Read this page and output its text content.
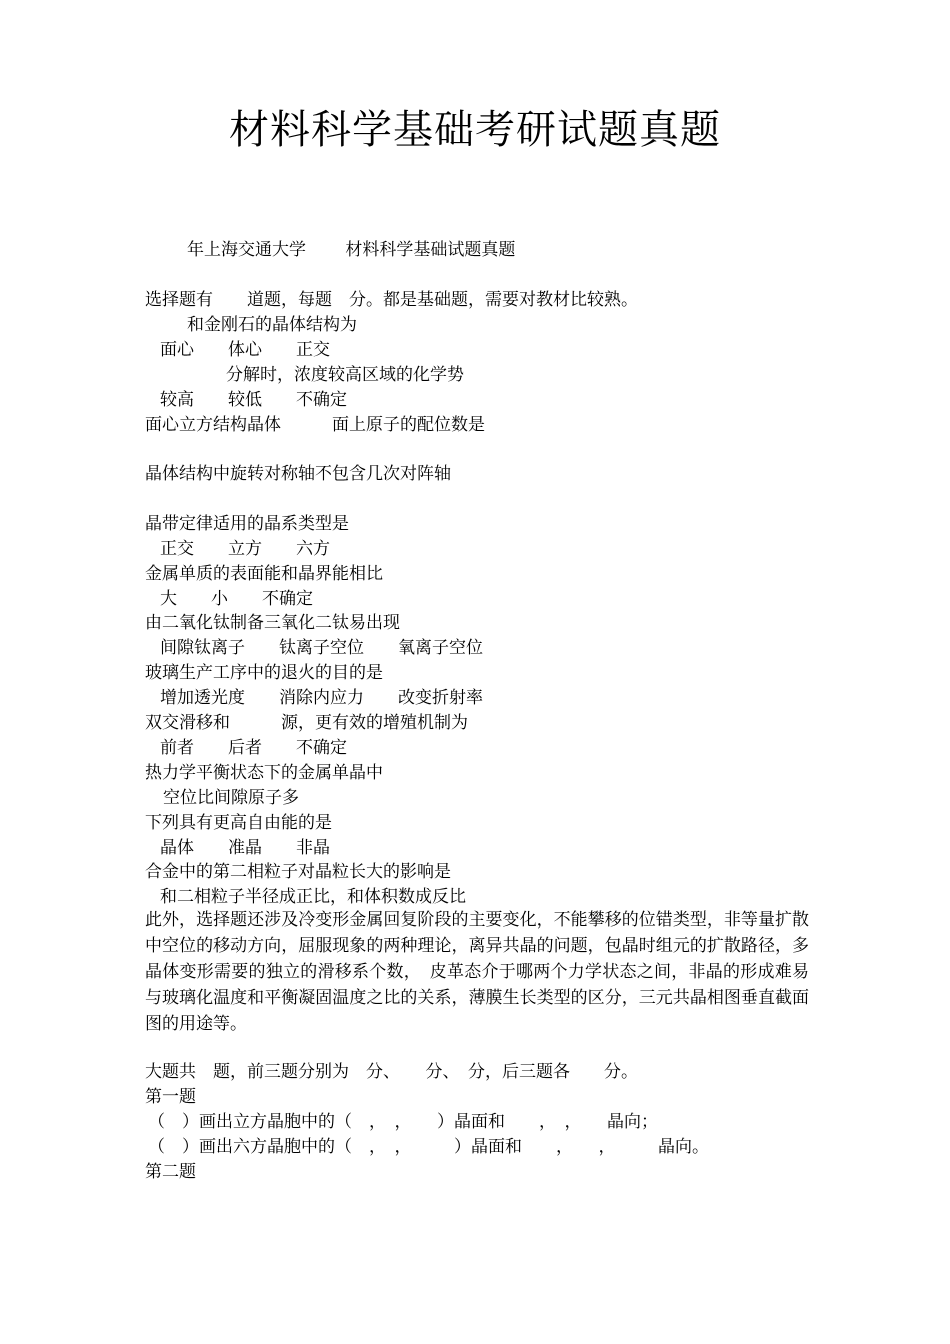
材料科学基础考研试题真题
年上海交通大学　　 材料科学基础试题真题
选择题有　　道题，每题　分。都是基础题，需要对教材比较熟。
和金刚石的晶体结构为
面心　　体心　　正交
分解时，浓度较高区域的化学势
较高　　较低　　不确定
面心立方结构晶体　　　面上原子的配位数是
晶体结构中旋转对称轴不包含几次对阵轴
晶带定律适用的晶系类型是
正交　　立方　　六方
金属单质的表面能和晶界能相比
大　　小　　不确定
由二氧化钛制备三氧化二钛易出现
间隙钛离子　　钛离子空位　　氧离子空位
玻璃生产工序中的退火的目的是
增加透光度　　消除内应力　　改变折射率
双交滑移和　　　源，更有效的增殖机制为
前者　　后者　　不确定
热力学平衡状态下的金属单晶中
空位比间隙原子多
下列具有更高自由能的是
晶体　　准晶　　非晶
合金中的第二相粒子对晶粒长大的影响是
和二相粒子半径成正比，和体积数成反比
此外，选择题还涉及冷变形金属回复阶段的主要变化，不能攀移的位错类型，非等量扩散中空位的移动方向，屈服现象的两种理论，离异共晶的问题，包晶时组元的扩散路径，多晶体变形需要的独立的滑移系个数，　皮革态介于哪两个力学状态之间，非晶的形成难易与玻璃化温度和平衡凝固温度之比的关系，薄膜生长类型的区分，三元共晶相图垂直截面图的用途等。
大题共　题，前三题分别为　分、　　分、　分，后三题各　　分。
第一题
（　）画出立方晶胞中的（　，　，　　）晶面和　　，　，　　晶向；
（　）画出六方晶胞中的（　，　，　　　）晶面和　　，　　，　　　晶向。
第二题
